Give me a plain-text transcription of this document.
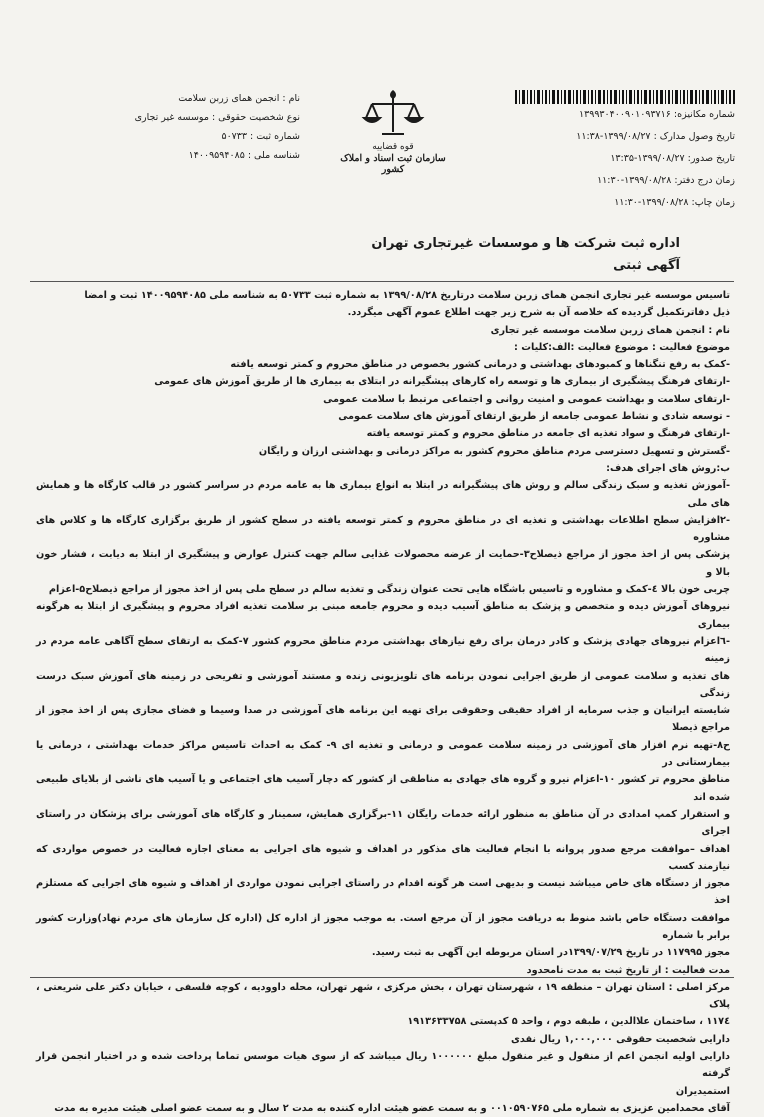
نام : انجمن همای زربن سلامت
نوع شخصیت حقوقی : موسسه غیر تجاری
شماره ثبت : ۵۰۷۳۳
شناسه ملی : ۱۴۰۰۹۵۹۴۰۸۵
قوه قضاییه
سازمان ثبت اسناد و املاک کشور
شماره مکانیزه: ۱۳۹۹۳۰۴۰۰۹۰۱۰۹۳۷۱۶
تاریخ وصول مدارک : ۱۳۹۹/۰۸/۲۷-۱۱:۳۸
تاریخ صدور: ۱۳۹۹/۰۸/۲۷-۱۳:۳۵
زمان درج دفتر: ۱۳۹۹/۰۸/۲۸-۱۱:۳۰
زمان چاپ: ۱۳۹۹/۰۸/۲۸-۱۱:۳۰
اداره ثبت شرکت ها و موسسات غیرتجاری تهران
آگهی ثبتی

تاسیس موسسه غیر تجاری انجمن همای زربن سلامت درتاریخ ۱۳۹۹/۰۸/۲۸ به شماره ثبت ۵۰۷۳۳ به شناسه ملی ۱۴۰۰۹۵۹۴۰۸۵ ثبت و امضا

ذیل دفاترتکمیل گردیده که خلاصه آن به شرح زیر جهت اطلاع عموم آگهی میگردد.

نام : انجمن همای زربن سلامت موسسه غیر تجاری

موضوع فعالیت : موضوع فعالیت :الف:کلیات :

-کمک به رفع تنگناها و کمبودهای بهداشتی و درمانی کشور بخصوص در مناطق محروم و کمتر توسعه یافته

-ارتقای فرهنگ پیشگیری از بیماری ها و توسعه راه کارهای پیشگیرانه در ابتلای به بیماری ها از طریق آموزش های عمومی

-ارتقای سلامت و بهداشت عمومی و امنیت روانی و اجتماعی مرتبط با سلامت عمومی

- توسعه شادی و نشاط عمومی جامعه از طریق ارتقای آموزش های سلامت عمومی

-ارتقای فرهنگ و سواد تغذیه ای جامعه در مناطق محروم و کمتر توسعه یافته

-گسترش و تسهیل دسترسی مردم مناطق محروم کشور به مراکز درمانی و بهداشتی ارزان و رایگان

ب:روش های اجرای هدف:

-آموزش تغذیه و سبک زندگی سالم و روش های پیشگیرانه در ابتلا به انواع بیماری ها به عامه مردم در سراسر کشور در قالب کارگاه ها و همایش های ملی

-۲افزایش سطح اطلاعات بهداشتی و تغذیه ای در مناطق محروم و کمتر توسعه یافته در سطح کشور از طریق برگزاری کارگاه ها و کلاس های مشاوره

پزشکی پس از اخذ مجوز از مراجع ذیصلاح۳-حمایت از عرضه محصولات غذایی سالم جهت کنترل عوارض و پیشگیری از ابتلا به دیابت ، فشار خون بالا و

چربی خون بالا ٤-کمک و مشاوره و تاسیس باشگاه هایی تحت عنوان زندگی و تغذیه سالم در سطح ملی پس از اخذ مجوز از مراجع ذیصلاح۵-اعزام

نیروهای آموزش دیده و متخصص و پزشک به مناطق آسیب دیده و محروم جامعه مبنی بر سلامت تغذیه افراد محروم و پیشگیری از ابتلا به هرگونه بیماری

-٦اعزام نیروهای جهادی پزشک و کادر درمان برای رفع نیازهای بهداشتی مردم مناطق محروم کشور ۷-کمک به ارتقای سطح آگاهی عامه مردم در زمینه

های تغذیه و سلامت عمومی از طریق اجرایی نمودن برنامه های تلویزیونی زنده و مستند آموزشی و تفریحی در زمینه های آموزش سبک درست زندگی

شایسته ایرانیان و جذب سرمایه از افراد حقیقی وحقوقی برای تهیه این برنامه های آموزشی در صدا وسیما و فضای مجازی پس از اخذ مجوز از مراجع ذیصلا

ح۸-تهیه نرم افزار های آموزشی در زمینه سلامت عمومی و درمانی و تغذیه ای ۹- کمک به احداث تاسیس مراکز خدمات بهداشتی ، درمانی یا بیمارستانی در

مناطق محروم تر کشور ۱۰-اعزام نیرو و گروه های جهادی به مناطقی از کشور که دچار آسیب های اجتماعی و یا آسیب های ناشی از بلایای طبیعی شده اند

و استقرار کمپ امدادی در آن مناطق به منظور ارائه خدمات رایگان ۱۱-برگزاری همایش، سمینار و کارگاه های آموزشی برای پزشکان در راستای اجرای

اهداف –موافقت مرجع صدور پروانه با انجام فعالیت های مذکور در اهداف و شیوه های اجرایی به معنای اجازه فعالیت در خصوص مواردی که نیازمند کسب

مجوز از دستگاه های خاص میباشد نیست و بدیهی است هر گونه اقدام در راستای اجرایی نمودن مواردی از اهداف و شیوه های اجرایی که مستلزم اخذ

موافقت دستگاه خاص باشد منوط به دریافت مجوز از آن مرجع است. به موجب مجوز از اداره کل (اداره کل سازمان های مردم نهاد)وزارت کشور برابر با شماره

مجوز ۱۱۷۹۹۵ در تاریخ ۱۳۹۹/۰۷/۲۹در استان مربوطه این آگهی به ثبت رسید.

مدت فعالیت : از تاریخ ثبت به مدت نامحدود

مرکز اصلی : استان تهران – منطقه ۱۹ ، شهرستان تهران ، بخش مرکزی ، شهر تهران، محله داوودیه ، کوچه فلسفی ، خیابان دکتر علی شریعتی ، پلاک

۱۱۷٤ ، ساختمان علاالدین ، طبقه دوم ، واحد ۵ کدپستی ۱۹۱۳۶۳۳۷۵۸

دارایی شخصیت حقوقی ۱,۰۰۰,۰۰۰ ریال نقدی

دارایی اولیه انجمن اعم از منقول و غیر منقول مبلغ ۱۰۰۰۰۰۰ ریال میباشد که از سوی هیات موسس تماما پرداخت شده و در اختیار انجمن قرار گرفته

استمیدیران

آقای محمدامین عزیزی به شماره ملی ۰۰۱۰۵۹۰۷۶۵ و به سمت عضو هیئت اداره کننده به مدت ۲ سال و به سمت عضو اصلی هیئت مدیره به مدت
